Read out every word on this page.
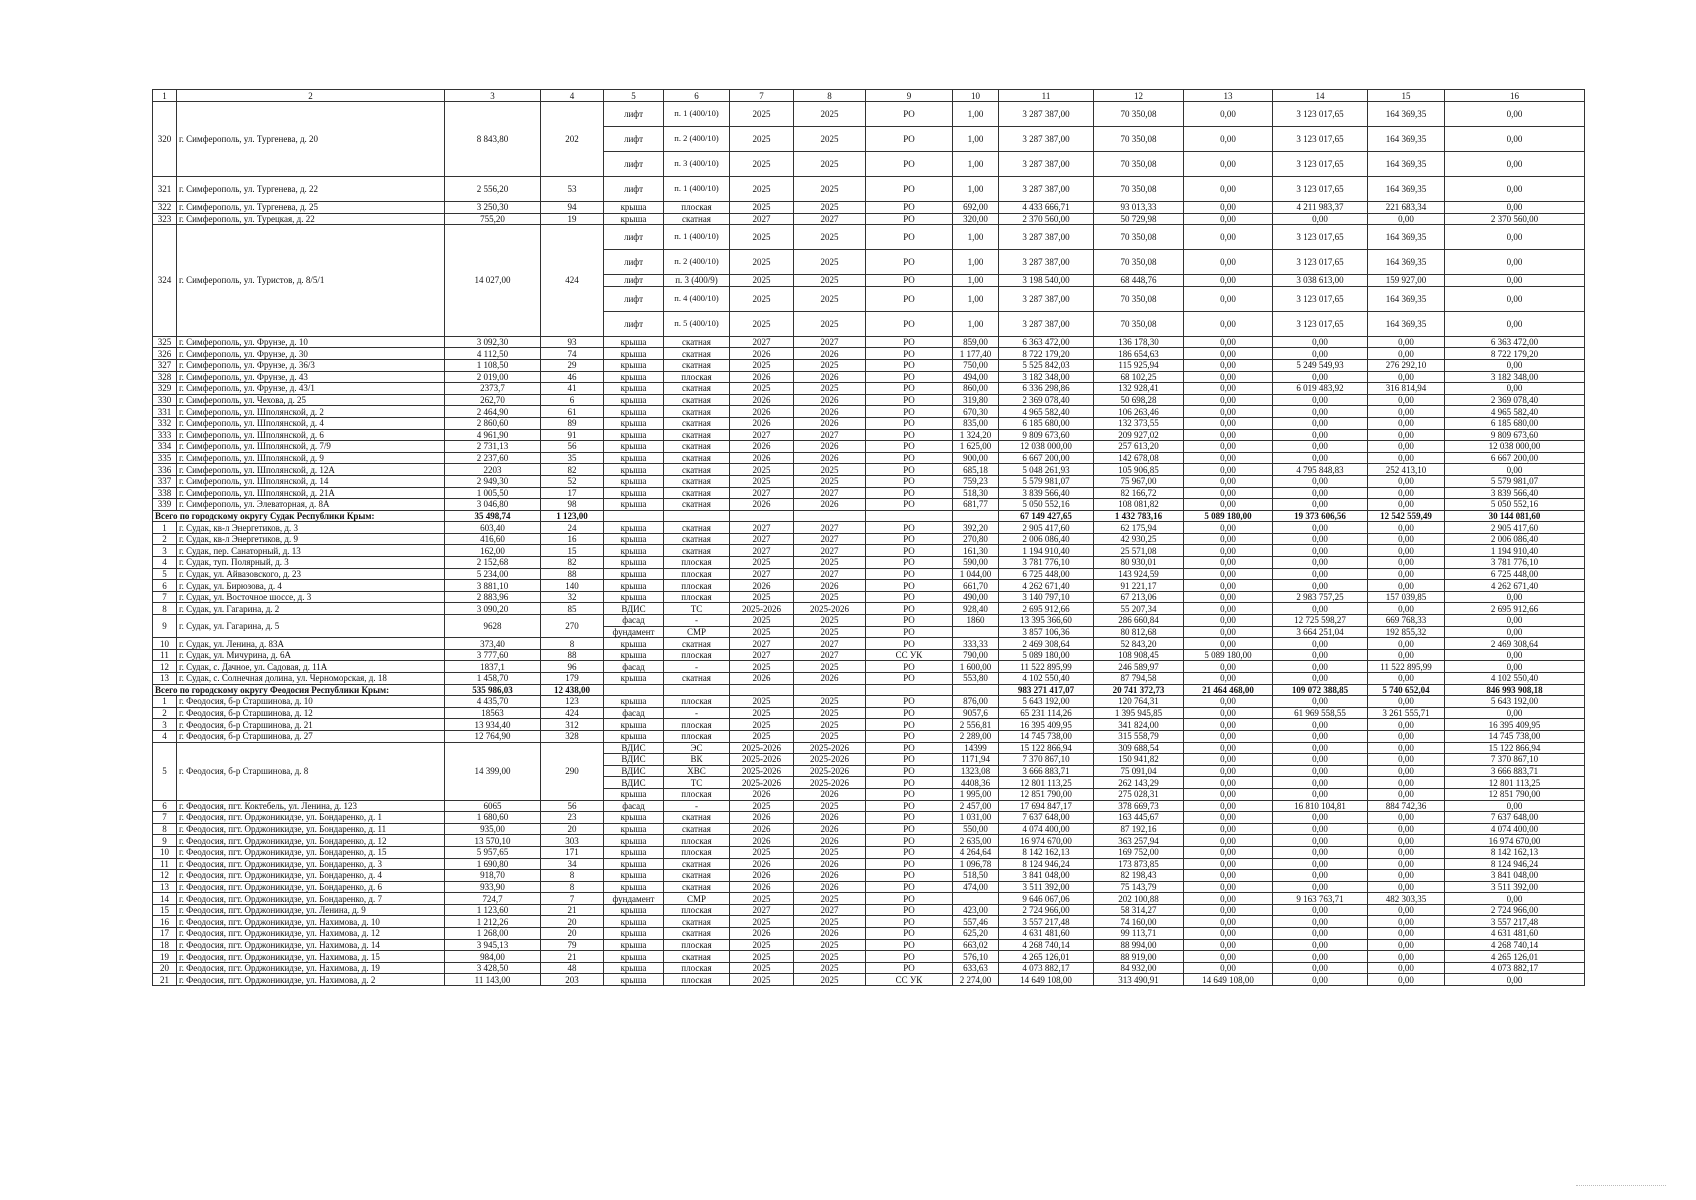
1	2	3	4	5	6	7	8	9	10	11	12	13	14	15	16
320	г. Симферополь, ул. Тургенева, д. 20	8 843,80	202	лифт	п. 1 (400/10)	2025	2025	РО	1,00	3 287 387,00	70 350,08	0,00	3 123 017,65	164 369,35	0,00
				лифт	п. 2 (400/10)	2025	2025	РО	1,00	3 287 387,00	70 350,08	0,00	3 123 017,65	164 369,35	0,00
				лифт	п. 3 (400/10)	2025	2025	РО	1,00	3 287 387,00	70 350,08	0,00	3 123 017,65	164 369,35	0,00
321	г. Симферополь, ул. Тургенева, д. 22	2 556,20	53	лифт	п. 1 (400/10)	2025	2025	РО	1,00	3 287 387,00	70 350,08	0,00	3 123 017,65	164 369,35	0,00
322	г. Симферополь, ул. Тургенева, д. 25	3 250,30	94	крыша	плоская	2025	2025	РО	692,00	4 433 666,71	93 013,33	0,00	4 211 983,37	221 683,34	0,00
323	г. Симферополь, ул. Турецкая, д. 22	755,20	19	крыша	скатная	2027	2027	РО	320,00	2 370 560,00	50 729,98	0,00	0,00	0,00	2 370 560,00
324	г. Симферополь, ул. Туристов, д. 8/5/1	14 027,00	424	лифт	п. 1 (400/10)	2025	2025	РО	1,00	3 287 387,00	70 350,08	0,00	3 123 017,65	164 369,35	0,00
				лифт	п. 2 (400/10)	2025	2025	РО	1,00	3 287 387,00	70 350,08	0,00	3 123 017,65	164 369,35	0,00
				лифт	п. 3 (400/9)	2025	2025	РО	1,00	3 198 540,00	68 448,76	0,00	3 038 613,00	159 927,00	0,00
				лифт	п. 4 (400/10)	2025	2025	РО	1,00	3 287 387,00	70 350,08	0,00	3 123 017,65	164 369,35	0,00
				лифт	п. 5 (400/10)	2025	2025	РО	1,00	3 287 387,00	70 350,08	0,00	3 123 017,65	164 369,35	0,00
325	г. Симферополь, ул. Фрунзе, д. 10	3 092,30	93	крыша	скатная	2027	2027	РО	859,00	6 363 472,00	136 178,30	0,00	0,00	0,00	6 363 472,00
326	г. Симферополь, ул. Фрунзе, д. 30	4 112,50	74	крыша	скатная	2026	2026	РО	1 177,40	8 722 179,20	186 654,63	0,00	0,00	0,00	8 722 179,20
327	г. Симферополь, ул. Фрунзе, д. 36/3	1 108,50	29	крыша	скатная	2025	2025	РО	750,00	5 525 842,03	115 925,94	0,00	5 249 549,93	276 292,10	0,00
328	г. Симферополь, ул. Фрунзе, д. 43	2 019,00	46	крыша	плоская	2026	2026	РО	494,00	3 182 348,00	68 102,25	0,00	0,00	0,00	3 182 348,00
329	г. Симферополь, ул. Фрунзе, д. 43/1	2373,7	41	крыша	скатная	2025	2025	РО	860,00	6 336 298,86	132 928,41	0,00	6 019 483,92	316 814,94	0,00
330	г. Симферополь, ул. Чехова, д. 25	262,70	6	крыша	скатная	2026	2026	РО	319,80	2 369 078,40	50 698,28	0,00	0,00	0,00	2 369 078,40
331	г. Симферополь, ул. Шполянской, д. 2	2 464,90	61	крыша	скатная	2026	2026	РО	670,30	4 965 582,40	106 263,46	0,00	0,00	0,00	4 965 582,40
332	г. Симферополь, ул. Шполянской, д. 4	2 860,60	89	крыша	скатная	2026	2026	РО	835,00	6 185 680,00	132 373,55	0,00	0,00	0,00	6 185 680,00
333	г. Симферополь, ул. Шполянской, д. 6	4 961,90	91	крыша	скатная	2027	2027	РО	1 324,20	9 809 673,60	209 927,02	0,00	0,00	0,00	9 809 673,60
334	г. Симферополь, ул. Шполянской, д. 7/9	2 731,13	56	крыша	скатная	2026	2026	РО	1 625,00	12 038 000,00	257 613,20	0,00	0,00	0,00	12 038 000,00
335	г. Симферополь, ул. Шполянской, д. 9	2 237,60	35	крыша	скатная	2026	2026	РО	900,00	6 667 200,00	142 678,08	0,00	0,00	0,00	6 667 200,00
336	г. Симферополь, ул. Шполянской, д. 12А	2203	82	крыша	скатная	2025	2025	РО	685,18	5 048 261,93	105 906,85	0,00	4 795 848,83	252 413,10	0,00
337	г. Симферополь, ул. Шполянской, д. 14	2 949,30	52	крыша	скатная	2025	2025	РО	759,23	5 579 981,07	75 967,00	0,00	0,00	0,00	5 579 981,07
338	г. Симферополь, ул. Шполянской, д. 21А	1 005,50	17	крыша	скатная	2027	2027	РО	518,30	3 839 566,40	82 166,72	0,00	0,00	0,00	3 839 566,40
339	г. Симферополь, ул. Элеваторная, д. 8А	3 046,80	98	крыша	скатная	2026	2026	РО	681,77	5 050 552,16	108 081,82	0,00	0,00	0,00	5 050 552,16
Всего по городскому округу Судак Республики Крым:		35 498,74	1 123,00							67 149 427,65	1 432 783,16	5 089 180,00	19 373 606,56	12 542 559,49	30 144 081,60
1	г. Судак, кв-л Энергетиков, д. 3	603,40	24	крыша	скатная	2027	2027	РО	392,20	2 905 417,60	62 175,94	0,00	0,00	0,00	2 905 417,60
2	г. Судак, кв-л Энергетиков, д. 9	416,60	16	крыша	скатная	2027	2027	РО	270,80	2 006 086,40	42 930,25	0,00	0,00	0,00	2 006 086,40
3	г. Судак, пер. Санаторный, д. 13	162,00	15	крыша	скатная	2027	2027	РО	161,30	1 194 910,40	25 571,08	0,00	0,00	0,00	1 194 910,40
4	г. Судак, туп. Полярный, д. 3	2 152,68	82	крыша	плоская	2025	2025	РО	590,00	3 781 776,10	80 930,01	0,00	0,00	0,00	3 781 776,10
5	г. Судак, ул. Айвазовского, д. 23	5 234,00	88	крыша	плоская	2027	2027	РО	1 044,00	6 725 448,00	143 924,59	0,00	0,00	0,00	6 725 448,00
6	г. Судак, ул. Бирюзова, д. 4	3 881,10	140	крыша	плоская	2026	2026	РО	661,70	4 262 671,40	91 221,17	0,00	0,00	0,00	4 262 671,40
7	г. Судак, ул. Восточное шоссе, д. 3	2 883,96	32	крыша	плоская	2025	2025	РО	490,00	3 140 797,10	67 213,06	0,00	2 983 757,25	157 039,85	0,00
8	г. Судак, ул. Гагарина, д. 2	3 090,20	85	ВДИС	ТС	2025-2026	2025-2026	РО	928,40	2 695 912,66	55 207,34	0,00	0,00	0,00	2 695 912,66
9	г. Судак, ул. Гагарина, д. 5	9628	270	фасад	-	2025	2025	РО	1860	13 395 366,60	286 660,84	0,00	12 725 598,27	669 768,33	0,00
				фундамент	СМР	2025	2025	РО		3 857 106,36	80 812,68	0,00	3 664 251,04	192 855,32	0,00
10	г. Судак, ул. Ленина, д. 83А	373,40	8	крыша	скатная	2027	2027	РО	333,33	2 469 308,64	52 843,20	0,00	0,00	0,00	2 469 308,64
11	г. Судак, ул. Мичурина, д. 6А	3 777,60	88	крыша	плоская	2027	2027	СС УК	790,00	5 089 180,00	108 908,45	5 089 180,00	0,00	0,00	0,00
12	г. Судак, с. Дачное, ул. Садовая, д. 11А	1837,1	96	фасад	-	2025	2025	РО	1 600,00	11 522 895,99	246 589,97	0,00	0,00	11 522 895,99	0,00
13	г. Судак, с. Солнечная долина, ул. Черноморская, д. 18	1 458,70	179	крыша	скатная	2026	2026	РО	553,80	4 102 550,40	87 794,58	0,00	0,00	0,00	4 102 550,40
Всего по городскому округу Феодосия Республики Крым:		535 986,03	12 438,00							983 271 417,07	20 741 372,73	21 464 468,00	109 072 388,85	5 740 652,04	846 993 908,18
1	г. Феодосия, б-р Старшинова, д. 10	4 435,70	123	крыша	плоская	2025	2025	РО	876,00	5 643 192,00	120 764,31	0,00	0,00	0,00	5 643 192,00
2	г. Феодосия, б-р Старшинова, д. 12	18563	424	фасад	-	2025	2025	РО	9057,6	65 231 114,26	1 395 945,85	0,00	61 969 558,55	3 261 555,71	0,00
3	г. Феодосия, б-р Старшинова, д. 21	13 934,40	312	крыша	плоская	2025	2025	РО	2 556,81	16 395 409,95	341 824,00	0,00	0,00	0,00	16 395 409,95
4	г. Феодосия, б-р Старшинова, д. 27	12 764,90	328	крыша	плоская	2025	2025	РО	2 289,00	14 745 738,00	315 558,79	0,00	0,00	0,00	14 745 738,00
5	г. Феодосия, б-р Старшинова, д. 8	14 399,00	290	ВДИС	ЭС	2025-2026	2025-2026	РО	14399	15 122 866,94	309 688,54	0,00	0,00	0,00	15 122 866,94
				ВДИС	ВК	2025-2026	2025-2026	РО	1171,94	7 370 867,10	150 941,82	0,00	0,00	0,00	7 370 867,10
				ВДИС	ХВС	2025-2026	2025-2026	РО	1323,08	3 666 883,71	75 091,04	0,00	0,00	0,00	3 666 883,71
				ВДИС	ТС	2025-2026	2025-2026	РО	4408,36	12 801 113,25	262 143,29	0,00	0,00	0,00	12 801 113,25
				крыша	плоская	2026	2026	РО	1 995,00	12 851 790,00	275 028,31	0,00	0,00	0,00	12 851 790,00
6	г. Феодосия, пгт. Коктебель, ул. Ленина, д. 123	6065	56	фасад	-	2025	2025	РО	2 457,00	17 694 847,17	378 669,73	0,00	16 810 104,81	884 742,36	0,00
7	г. Феодосия, пгт. Орджоникидзе, ул. Бондаренко, д. 1	1 680,60	23	крыша	скатная	2026	2026	РО	1 031,00	7 637 648,00	163 445,67	0,00	0,00	0,00	7 637 648,00
8	г. Феодосия, пгт. Орджоникидзе, ул. Бондаренко, д. 11	935,00	20	крыша	скатная	2026	2026	РО	550,00	4 074 400,00	87 192,16	0,00	0,00	0,00	4 074 400,00
9	г. Феодосия, пгт. Орджоникидзе, ул. Бондаренко, д. 12	13 570,10	303	крыша	плоская	2026	2026	РО	2 635,00	16 974 670,00	363 257,94	0,00	0,00	0,00	16 974 670,00
10	г. Феодосия, пгт. Орджоникидзе, ул. Бондаренко, д. 15	5 957,65	171	крыша	плоская	2025	2025	РО	4 264,64	8 142 162,13	169 752,00	0,00	0,00	0,00	8 142 162,13
11	г. Феодосия, пгт. Орджоникидзе, ул. Бондаренко, д. 3	1 690,80	34	крыша	скатная	2026	2026	РО	1 096,78	8 124 946,24	173 873,85	0,00	0,00	0,00	8 124 946,24
12	г. Феодосия, пгт. Орджоникидзе, ул. Бондаренко, д. 4	918,70	8	крыша	скатная	2026	2026	РО	518,50	3 841 048,00	82 198,43	0,00	0,00	0,00	3 841 048,00
13	г. Феодосия, пгт. Орджоникидзе, ул. Бондаренко, д. 6	933,90	8	крыша	скатная	2026	2026	РО	474,00	3 511 392,00	75 143,79	0,00	0,00	0,00	3 511 392,00
14	г. Феодосия, пгт. Орджоникидзе, ул. Бондаренко, д. 7	724,7	7	фундамент	СМР	2025	2025	РО		9 646 067,06	202 100,88	0,00	9 163 763,71	482 303,35	0,00
15	г. Феодосия, пгт. Орджоникидзе, ул. Ленина, д. 9	1 123,60	21	крыша	плоская	2027	2027	РО	423,00	2 724 966,00	58 314,27	0,00	0,00	0,00	2 724 966,00
16	г. Феодосия, пгт. Орджоникидзе, ул. Нахимова, д. 10	1 212,26	20	крыша	скатная	2025	2025	РО	557,46	3 557 217,48	74 160,00	0,00	0,00	0,00	3 557 217,48
17	г. Феодосия, пгт. Орджоникидзе, ул. Нахимова, д. 12	1 268,00	20	крыша	скатная	2026	2026	РО	625,20	4 631 481,60	99 113,71	0,00	0,00	0,00	4 631 481,60
18	г. Феодосия, пгт. Орджоникидзе, ул. Нахимова, д. 14	3 945,13	79	крыша	плоская	2025	2025	РО	663,02	4 268 740,14	88 994,00	0,00	0,00	0,00	4 268 740,14
19	г. Феодосия, пгт. Орджоникидзе, ул. Нахимова, д. 15	984,00	21	крыша	скатная	2025	2025	РО	576,10	4 265 126,01	88 919,00	0,00	0,00	0,00	4 265 126,01
20	г. Феодосия, пгт. Орджоникидзе, ул. Нахимова, д. 19	3 428,50	48	крыша	плоская	2025	2025	РО	633,63	4 073 882,17	84 932,00	0,00	0,00	0,00	4 073 882,17
21	г. Феодосия, пгт. Орджоникидзе, ул. Нахимова, д. 2	11 143,00	203	крыша	плоская	2025	2025	СС УК	2 274,00	14 649 108,00	313 490,91	14 649 108,00	0,00	0,00	0,00
